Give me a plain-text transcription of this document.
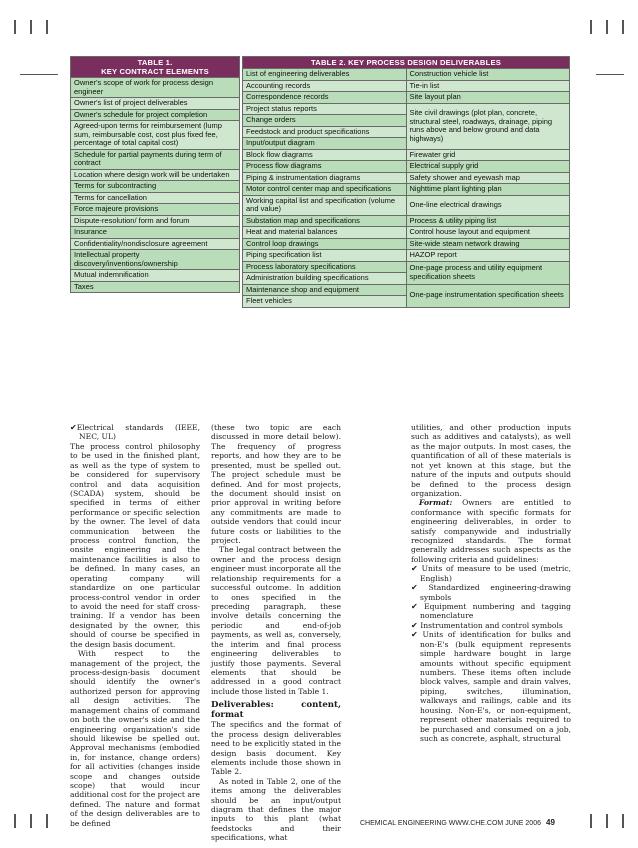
TABLE 1.
KEY CONTRACT ELEMENTS

Owner's scope of work for process design engineer
Owner's list of project deliverables
Owner's schedule for project completion
Agreed-upon terms for reimbursement (lump sum, reimbursable cost, cost plus fixed fee, percentage of total capital cost)
Schedule for partial payments during term of contract
Location where design work will be undertaken
Terms for subcontracting
Terms for cancellation
Force majeure provisions
Dispute-resolution/ form and forum
Insurance
Confidentiality/nondisclosure agreement
Intellectual property discovery/inventions/ownership
Mutual indemnification
Taxes
TABLE 2. KEY PROCESS DESIGN DELIVERABLES	
List of engineering deliverables	Construction vehicle list
Accounting records	Tie-in list
Correspondence records	Site layout plan
Project status reports	Site civil drawings (plot plan, concrete, structural steel, roadways, drainage, piping runs above and below ground and data highways)
Change orders	
Feedstock and product specifications	
Input/output diagram	
Block flow diagrams	Firewater grid
Process flow diagrams	Electrical supply grid
Piping & instrumentation diagrams	Safety shower and eyewash map
Motor control center map and specifications	Nighttime plant lighting plan
Working capital list and specification (volume and value)	One-line electrical drawings
Substation map and specifications	Process & utility piping list
Heat and material balances	Control house layout and equipment
Control loop drawings	Site-wide steam network drawing
Piping specification list	HAZOP report
Process laboratory specifications	One-page process and utility equipment specification sheets
Administration building specifications	
Maintenance shop and equipment	One-page instrumentation specification sheets
Fleet vehicles	
✔Electrical standards (IEEE, NEC, UL)

The process control philosophy to be used in the finished plant, as well as the type of system to be considered for supervisory control and data acquisition (SCADA) system, should be specified in terms of either performance or specific selection by the owner. The level of data communication between the process control function, the onsite engineering and the maintenance facilities is also to be defined. In many cases, an operating company will standardize on one particular process-control vendor in order to avoid the need for staff cross-training. If a vendor has been designated by the owner, this should of course be specified in the design basis document.

With respect to the management of the project, the process-design-basis document should identify the owner's authorized person for approving all design activities. The management chains of command on both the owner's side and the engineering organization's side should likewise be spelled out. Approval mechanisms (embodied in, for instance, change orders) for all activities (changes inside scope and changes outside scope) that would incur additional cost for the project are defined. The nature and format of the design deliverables are to be defined

(these two topic are each discussed in more detail below). The frequency of progress reports, and how they are to be presented, must be spelled out. The project schedule must be defined. And for most projects, the document should insist on prior approval in writing before any commitments are made to outside vendors that could incur future costs or liabilities to the project.

The legal contract between the owner and the process design engineer must incorporate all the relationship requirements for a successful outcome. In addition to ones specified in the preceding paragraph, these involve details concerning the periodic and end-of-job payments, as well as, conversely, the interim and final process engineering deliverables to justify those payments. Several elements that should be addressed in a good contract include those listed in Table 1.

Deliverables: content, format

The specifics and the format of the process design deliverables need to be explicitly stated in the design basis document. Key elements include those shown in Table 2.

As noted in Table 2, one of the items among the deliverables should be an input/output diagram that defines the major inputs to this plant (what feedstocks and their specifications, what

utilities, and other production inputs such as additives and catalysts), as well as the major outputs. In most cases, the quantification of all of these materials is not yet known at this stage, but the nature of the inputs and outputs should be defined to the process design organization.

Format: Owners are entitled to conformance with specific formats for engineering deliverables, in order to satisfy companywide and industrially recognized standards. The format generally addresses such aspects as the following criteria and guidelines:

✔ Units of measure to be used (metric, English)
✔ Standardized engineering-drawing symbols
✔ Equipment numbering and tagging nomenclature
✔ Instrumentation and control symbols
✔ Units of identification for bulks and non-E's (bulk equipment represents simple hardware bought in large amounts without specific equipment numbers. These items often include block valves, sample and drain valves, piping, switches, illumination, walkways and railings, cable and its housing. Non-E's, or non-equipment, represent other materials required to be purchased and consumed on a job, such as concrete, asphalt, structural
CHEMICAL ENGINEERING WWW.CHE.COM JUNE 2006 49
